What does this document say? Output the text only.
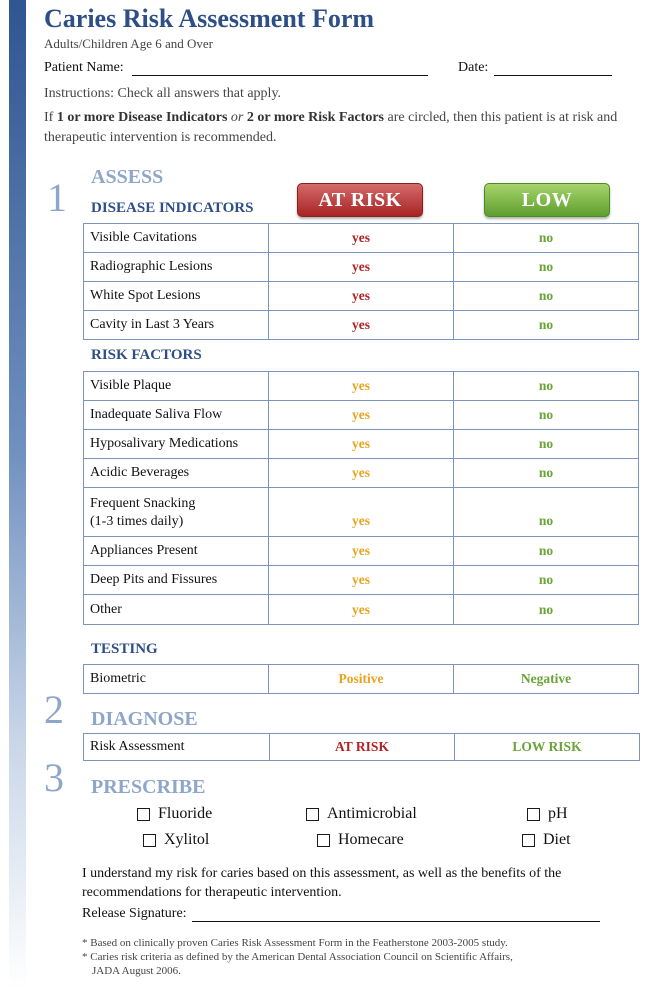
Caries Risk Assessment Form
Adults/Children Age 6 and Over
Patient Name:	Date:
Instructions: Check all answers that apply.
If 1 or more Disease Indicators or 2 or more Risk Factors are circled, then this patient is at risk and therapeutic intervention is recommended.
1 ASSESS
DISEASE INDICATORS	AT RISK	LOW
Visible Cavitations	yes	no
Radiographic Lesions	yes	no
White Spot Lesions	yes	no
Cavity in Last 3 Years	yes	no
RISK FACTORS
Visible Plaque	yes	no
Inadequate Saliva Flow	yes	no
Hyposalivary Medications	yes	no
Acidic Beverages	yes	no
Frequent Snacking
(1-3 times daily)	yes	no
Appliances Present	yes	no
Deep Pits and Fissures	yes	no
Other	yes	no
TESTING
Biometric	Positive	Negative
2 DIAGNOSE
Risk Assessment	AT RISK	LOW RISK
3 PRESCRIBE
Fluoride	Antimicrobial	pH
Xylitol	Homecare	Diet
I understand my risk for caries based on this assessment, as well as the benefits of the recommendations for therapeutic intervention.
Release Signature:
* Based on clinically proven Caries Risk Assessment Form in the Featherstone 2003-2005 study.
* Caries risk criteria as defined by the American Dental Association Council on Scientific Affairs,
JADA August 2006.
